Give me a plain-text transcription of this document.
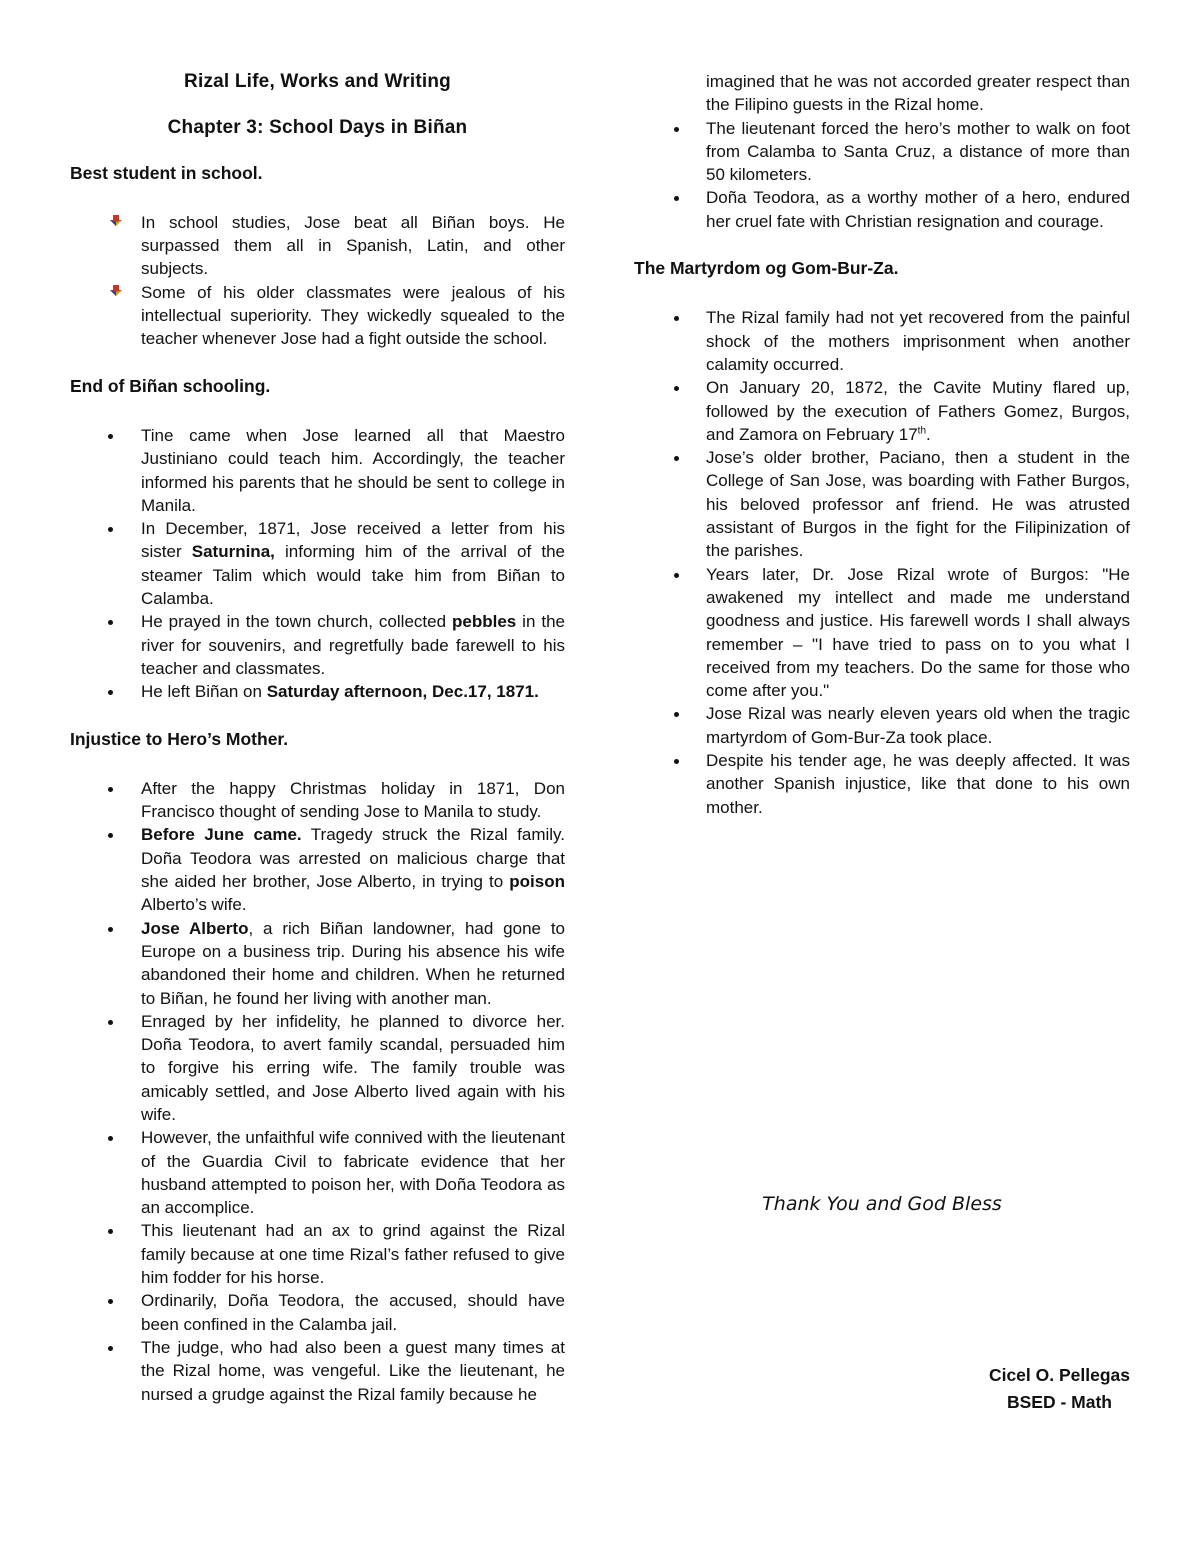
Rizal Life, Works and Writing

Chapter 3: School Days in Biñan

Best student in school.

In school studies, Jose beat all Biñan boys. He surpassed them all in Spanish, Latin, and other subjects.
Some of his older classmates were jealous of his intellectual superiority. They wickedly squealed to the teacher whenever Jose had a fight outside the school.

End of Biñan schooling.

Tine came when Jose learned all that Maestro Justiniano could teach him. Accordingly, the teacher informed his parents that he should be sent to college in Manila.
In December, 1871, Jose received a letter from his sister Saturnina, informing him of the arrival of the steamer Talim which would take him from Biñan to Calamba.
He prayed in the town church, collected pebbles in the river for souvenirs, and regretfully bade farewell to his teacher and classmates.
He left Biñan on Saturday afternoon, Dec.17, 1871.

Injustice to Hero’s Mother.

After the happy Christmas holiday in 1871, Don Francisco thought of sending Jose to Manila to study.
Before June came. Tragedy struck the Rizal family. Doña Teodora was arrested on malicious charge that she aided her brother, Jose Alberto, in trying to poison Alberto’s wife.
Jose Alberto, a rich Biñan landowner, had gone to Europe on a business trip. During his absence his wife abandoned their home and children. When he returned to Biñan, he found her living with another man.
Enraged by her infidelity, he planned to divorce her. Doña Teodora, to avert family scandal, persuaded him to forgive his erring wife. The family trouble was amicably settled, and Jose Alberto lived again with his wife.
However, the unfaithful wife connived with the lieutenant of the Guardia Civil to fabricate evidence that her husband attempted to poison her, with Doña Teodora as an accomplice.
This lieutenant had an ax to grind against the Rizal family because at one time Rizal’s father refused to give him fodder for his horse.
Ordinarily, Doña Teodora, the accused, should have been confined in the Calamba jail.
The judge, who had also been a guest many times at the Rizal home, was vengeful. Like the lieutenant, he nursed a grudge against the Rizal family because he
imagined that he was not accorded greater respect than the Filipino guests in the Rizal home.
The lieutenant forced the hero’s mother to walk on foot from Calamba to Santa Cruz, a distance of more than 50 kilometers.
Doña Teodora, as a worthy mother of a hero, endured her cruel fate with Christian resignation and courage.

The Martyrdom og Gom-Bur-Za.

The Rizal family had not yet recovered from the painful shock of the mothers imprisonment when another calamity occurred.
On January 20, 1872, the Cavite Mutiny flared up, followed by the execution of Fathers Gomez, Burgos, and Zamora on February 17th.
Jose’s older brother, Paciano, then a student in the College of San Jose, was boarding with Father Burgos, his beloved professor anf friend. He was atrusted assistant of Burgos in the fight for the Filipinization of the parishes.
Years later, Dr. Jose Rizal wrote of Burgos: "He awakened my intellect and made me understand goodness and justice. His farewell words I shall always remember – "I have tried to pass on to you what I received from my teachers. Do the same for those who come after you."
Jose Rizal was nearly eleven years old when the tragic martyrdom of Gom-Bur-Za took place.
Despite his tender age, he was deeply affected. It was another Spanish injustice, like that done to his own mother.
Thank You and God Bless
Cicel O. Pellegas
BSED - Math
